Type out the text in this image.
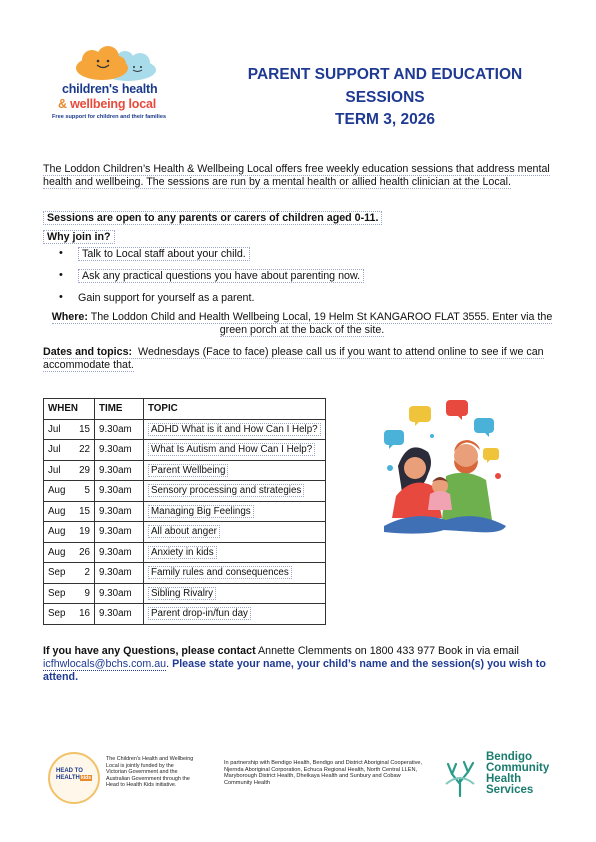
children's health
& wellbeing local
Free support for children and their families
PARENT SUPPORT AND EDUCATION
SESSIONS
TERM 3, 2026
The Loddon Children’s Health & Wellbeing Local offers free weekly education sessions that address mental health and wellbeing. The sessions are run by a mental health or allied health clinician at the Local.
Sessions are open to any parents or carers of children aged 0-11.
Why join in?
• Talk to Local staff about your child.
• Ask any practical questions you have about parenting now.
• Gain support for yourself as a parent.
Where: The Loddon Child and Health Wellbeing Local, 19 Helm St KANGAROO FLAT 3555. Enter via the green porch at the back of the site.
Dates and topics: Wednesdays (Face to face) please call us if you want to attend online to see if we can accommodate that.
WHEN	TIME	TOPIC
Jul 15	9.30am	ADHD What is it and How Can I Help?
Jul 22	9.30am	What Is Autism and How Can I Help?
Jul 29	9.30am	Parent Wellbeing
Aug 5	9.30am	Sensory processing and strategies
Aug 15	9.30am	Managing Big Feelings
Aug 19	9.30am	All about anger
Aug 26	9.30am	Anxiety in kids
Sep 2	9.30am	Family rules and consequences
Sep 9	9.30am	Sibling Rivalry
Sep 16	9.30am	Parent drop-in/fun day
If you have any Questions, please contact Annette Clemments on 1800 433 977 Book in via email icfhwlocals@bchs.com.au. Please state your name, your child’s name and the session(s) you wish to attend.
HEAD TO
HEALTH kids
The Children's Health and Wellbeing Local is jointly funded by the Victorian Government and the Australian Government through the Head to Health Kids initiative.
In partnership with Bendigo Health, Bendigo and District Aboriginal Cooperative, Njernda Aboriginal Corporation, Echuca Regional Health, North Central LLEN, Maryborough District Health, Dhelkaya Health and Sunbury and Cobaw Community Health
Bendigo
Community
Health
Services
